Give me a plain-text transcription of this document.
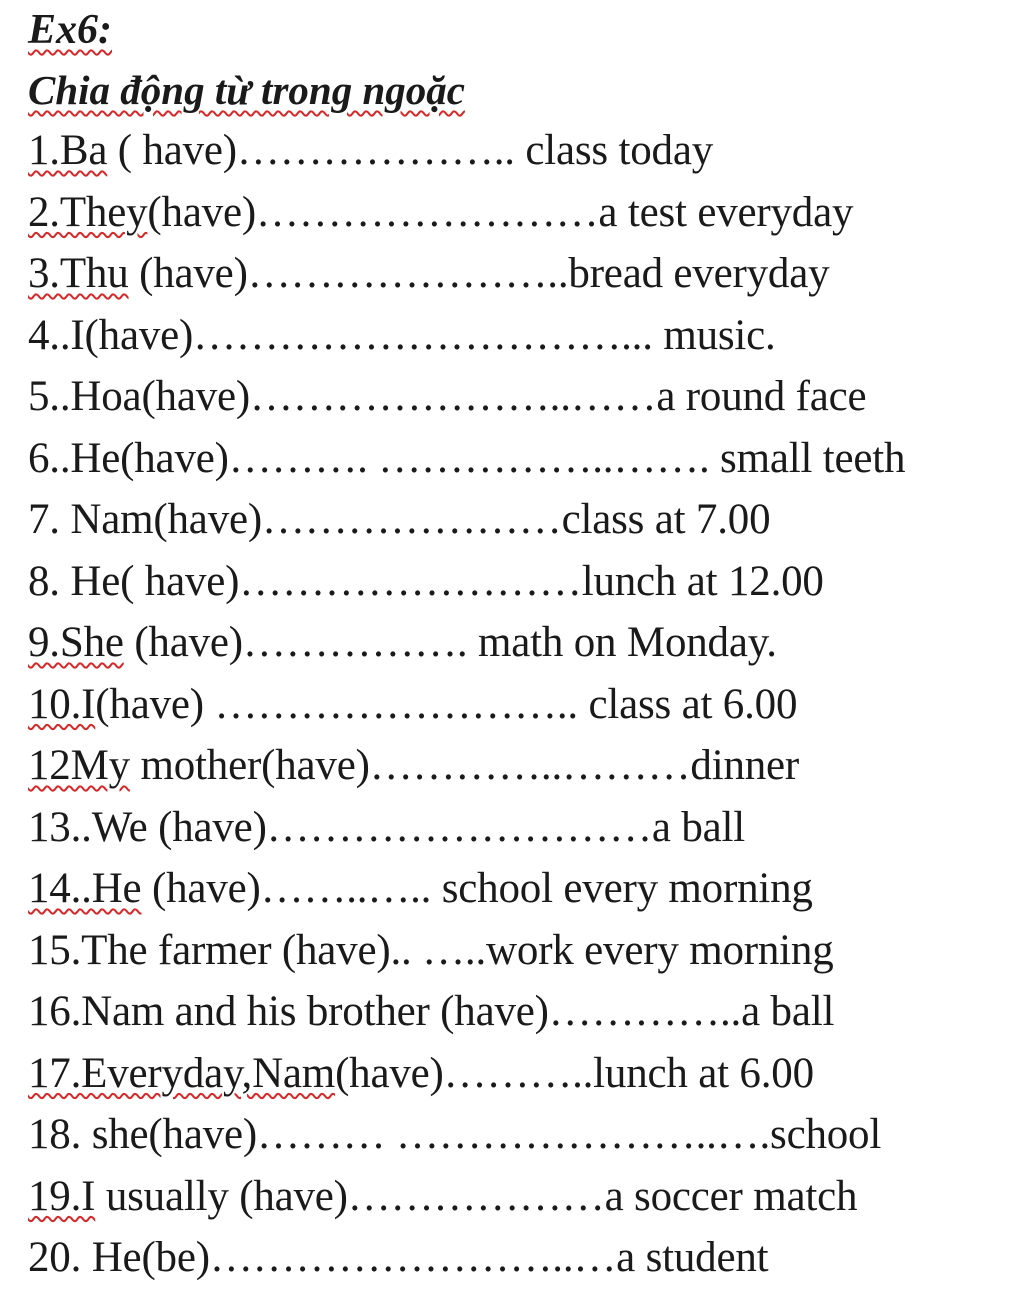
Ex6:
Chia động từ trong ngoặc
1.Ba ( have)……………….. class today
2.They(have)……………………a test everyday
3.Thu (have)…………………..bread everyday
4..I(have)…………………………... music.
5..Hoa(have)…………………..……a round face
6..He(have)………. ……………..……. small teeth
7. Nam(have)…………………class at 7.00
8. He( have)……………………lunch at 12.00
9.She (have)……………. math on Monday.
10.I(have) …………………….. class at 6.00
12My mother(have)…………..………dinner
13..We (have)………………………a ball
14..He (have)……..….. school every morning
15.The farmer (have).. …..work every morning
16.Nam and his brother (have)…………..a ball
17.Everyday,Nam(have)………..lunch at 6.00
18. she(have)……… …………………..….school
19.I usually (have)………………a soccer match
20. He(be)……………………..…a student
